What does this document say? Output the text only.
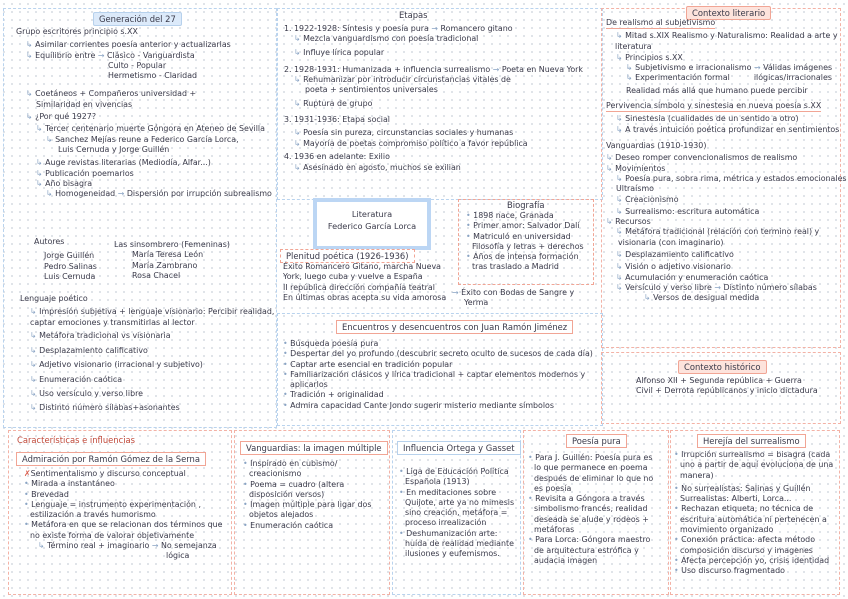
Generación del 27
Grupo escritores principio s.XX
↳ Asimilar corrientes poesía anterior y actualizarlas
↳ Equilibrio entre → Clásico - Vanguardista
Culto - Popular
Hermetismo - Claridad
↳ Coetáneos + Compañeros universidad +
Similaridad en vivencias
↳ ¿Por qué 1927?
↳ Tercer centenario muerte Góngora en Ateneo de Sevilla
↳ Sanchez Mejías reune a Federico García Lorca,
Luis Cernuda y Jorge Guillén
↳ Auge revistas literarias (Mediodía, Alfar...)
↳ Publicación poemarios
↳ Año bisagra
↳ Homogeneidad → Dispersión por irrupción subrealismo
Autores
Jorge Guillén
Pedro Salinas
Luis Cernuda
Las sinsombrero (Femeninas)
María Teresa León
María Zambrano
Rosa Chacel
Lenguaje poético
↳ Impresión subjetiva + lenguaje visionario: Percibir realidad,
captar emociones y transmitirlas al lector
↳ Metáfora tradicional vs visionaria
↳ Desplazamiento calificativo
↳ Adjetivo visionario (irracional y subjetivo)
↳ Enumeración caótica
↳ Uso versículo y verso libre
↳ Distinto número sílabas+asonantes
Etapas
1. 1922-1928: Síntesis y poesía pura → Romancero gitano
↳ Mezcla vanguardismo con poesía tradicional
↳ Influye lírica popular
2. 1928-1931: Humanizada + influencia surrealismo → Poeta en Nueva York
↳ Rehumanizar por introducir circunstancias vitales de
poeta + sentimientos universales
↳ Ruptura de grupo
3. 1931-1936: Etapa social
↳ Poesía sin pureza, circunstancias sociales y humanas
↳ Mayoría de poetas compromiso político a favor república
4. 1936 en adelante: Exilio
↳ Asesinado en agosto, muchos se exilian
Literatura
Federico García Lorca
Biografía
• 1898 nace, Granada
• Primer amor: Salvador Dalí
• Matriculó en universidad
Filosofía y letras + derechos
• Años de intensa formación
tras traslado a Madrid
Plenitud poética (1926-1936)
Éxito Romancero Gitano, marcha Nueva
York, luego cuba y vuelve a España
II república dirección compañía teatral
En últimas obras acepta su vida amorosa
→ Éxito con Bodas de Sangre y
Yerma
Encuentros y desencuentros con Juan Ramón Jiménez
• Búsqueda poesía pura
• Despertar del yo profundo (descubrir secreto oculto de sucesos de cada día)
• Captar arte esencial en tradición popular
• Familiarización clásicos y lírica tradicional + captar elementos modernos y
aplicarlos
• Tradición + originalidad
• Admira capacidad Cante Jondo sugerir misterio mediante símbolos
Contexto literario
De realismo al subjetivismo
↳ Mitad s.XIX Realismo y Naturalismo: Realidad a arte y
literatura
↳ Principios s.XX
↳ Subjetivismo e irracionalismo → Válidas imágenes
↳ Experimentación formal	ilógicas/irracionales
Realidad más allá que humano puede percibir
Pervivencia símbolo y sinestesia en nueva poesía s.XX
↳ Sinestesia (cualidades de un sentido a otro)
↳ A través intuición poética profundizar en sentimientos
Vanguardias (1910-1930)
↳ Deseo romper convencionalismos de realismo
↳ Movimientos
↳ Poesía pura, sobra rima, métrica y estados emocionales
Ultraísmo
↳ Creacionismo
↳ Surrealismo: escritura automática
↳ Recursos
↳ Metáfora tradicional (relación con termino real) y
visionaria (con imaginario)
↳ Desplazamiento calificativo
↳ Visión o adjetivo visionario
↳ Acumulación y enumeración caótica
↳ Versículo y verso libre → Distinto número sílabas
↳ Versos de desigual medida
Contexto histórico
Alfonso XII + Segunda república + Guerra
Civil + Derrota repúblicanos y inicio dictadura
Características e influencias
Admiración por Ramón Gómez de la Serna
✗Sentimentalismo y discurso conceptual
• Mirada a instantáneo
• Brevedad
• Lenguaje = instrumento experimentación ,
estilización a través humorismo
• Metáfora en que se relacionan dos términos que
no existe forma de valorar objetivamente
↳ Término real + imaginario → No semejanza
lógica
Vanguardias: la imagen múltiple
• Inspirado en cubismo/
creacionismo
• Poema = cuadro (altera
disposición versos)
• Imagen múltiple para ligar dos
objetos alejados
• Enumeración caótica
Influencia Ortega y Gasset
• Liga de Educación Política
Española (1913)
• En meditaciones sobre
Quijote, arte ya no mimesis
sino creación, metáfora =
proceso irrealización
• Deshumanización arte:
huída de realidad mediante
ilusiones y eufemismos.
Poesía pura
• Para J. Guillén: Poesía pura es
lo que permanece en poema
después de eliminar lo que no
es poesía
• Revisita a Góngora a través
simbolismo francés, realidad
deseada se alude y rodeos +
metáforas
• Para Lorca: Góngora maestro
de arquitectura estrófica y
audacia imagen
Herejía del surrealismo
• Irrupción surrealismo = bisagra (cada
uno a partir de aquí evoluciona de una
manera)
• No surrealistas: Salinas y Guillén
Surrealistas: Alberti, Lorca...
• Rechazan etiqueta, no técnica de
escritura automática ni pertenecen a
movimiento organizado
• Conexión práctica: afecta método
composición discurso y imagenes
• Afecta percepción yo, crisis identidad
• Uso discurso fragmentado
